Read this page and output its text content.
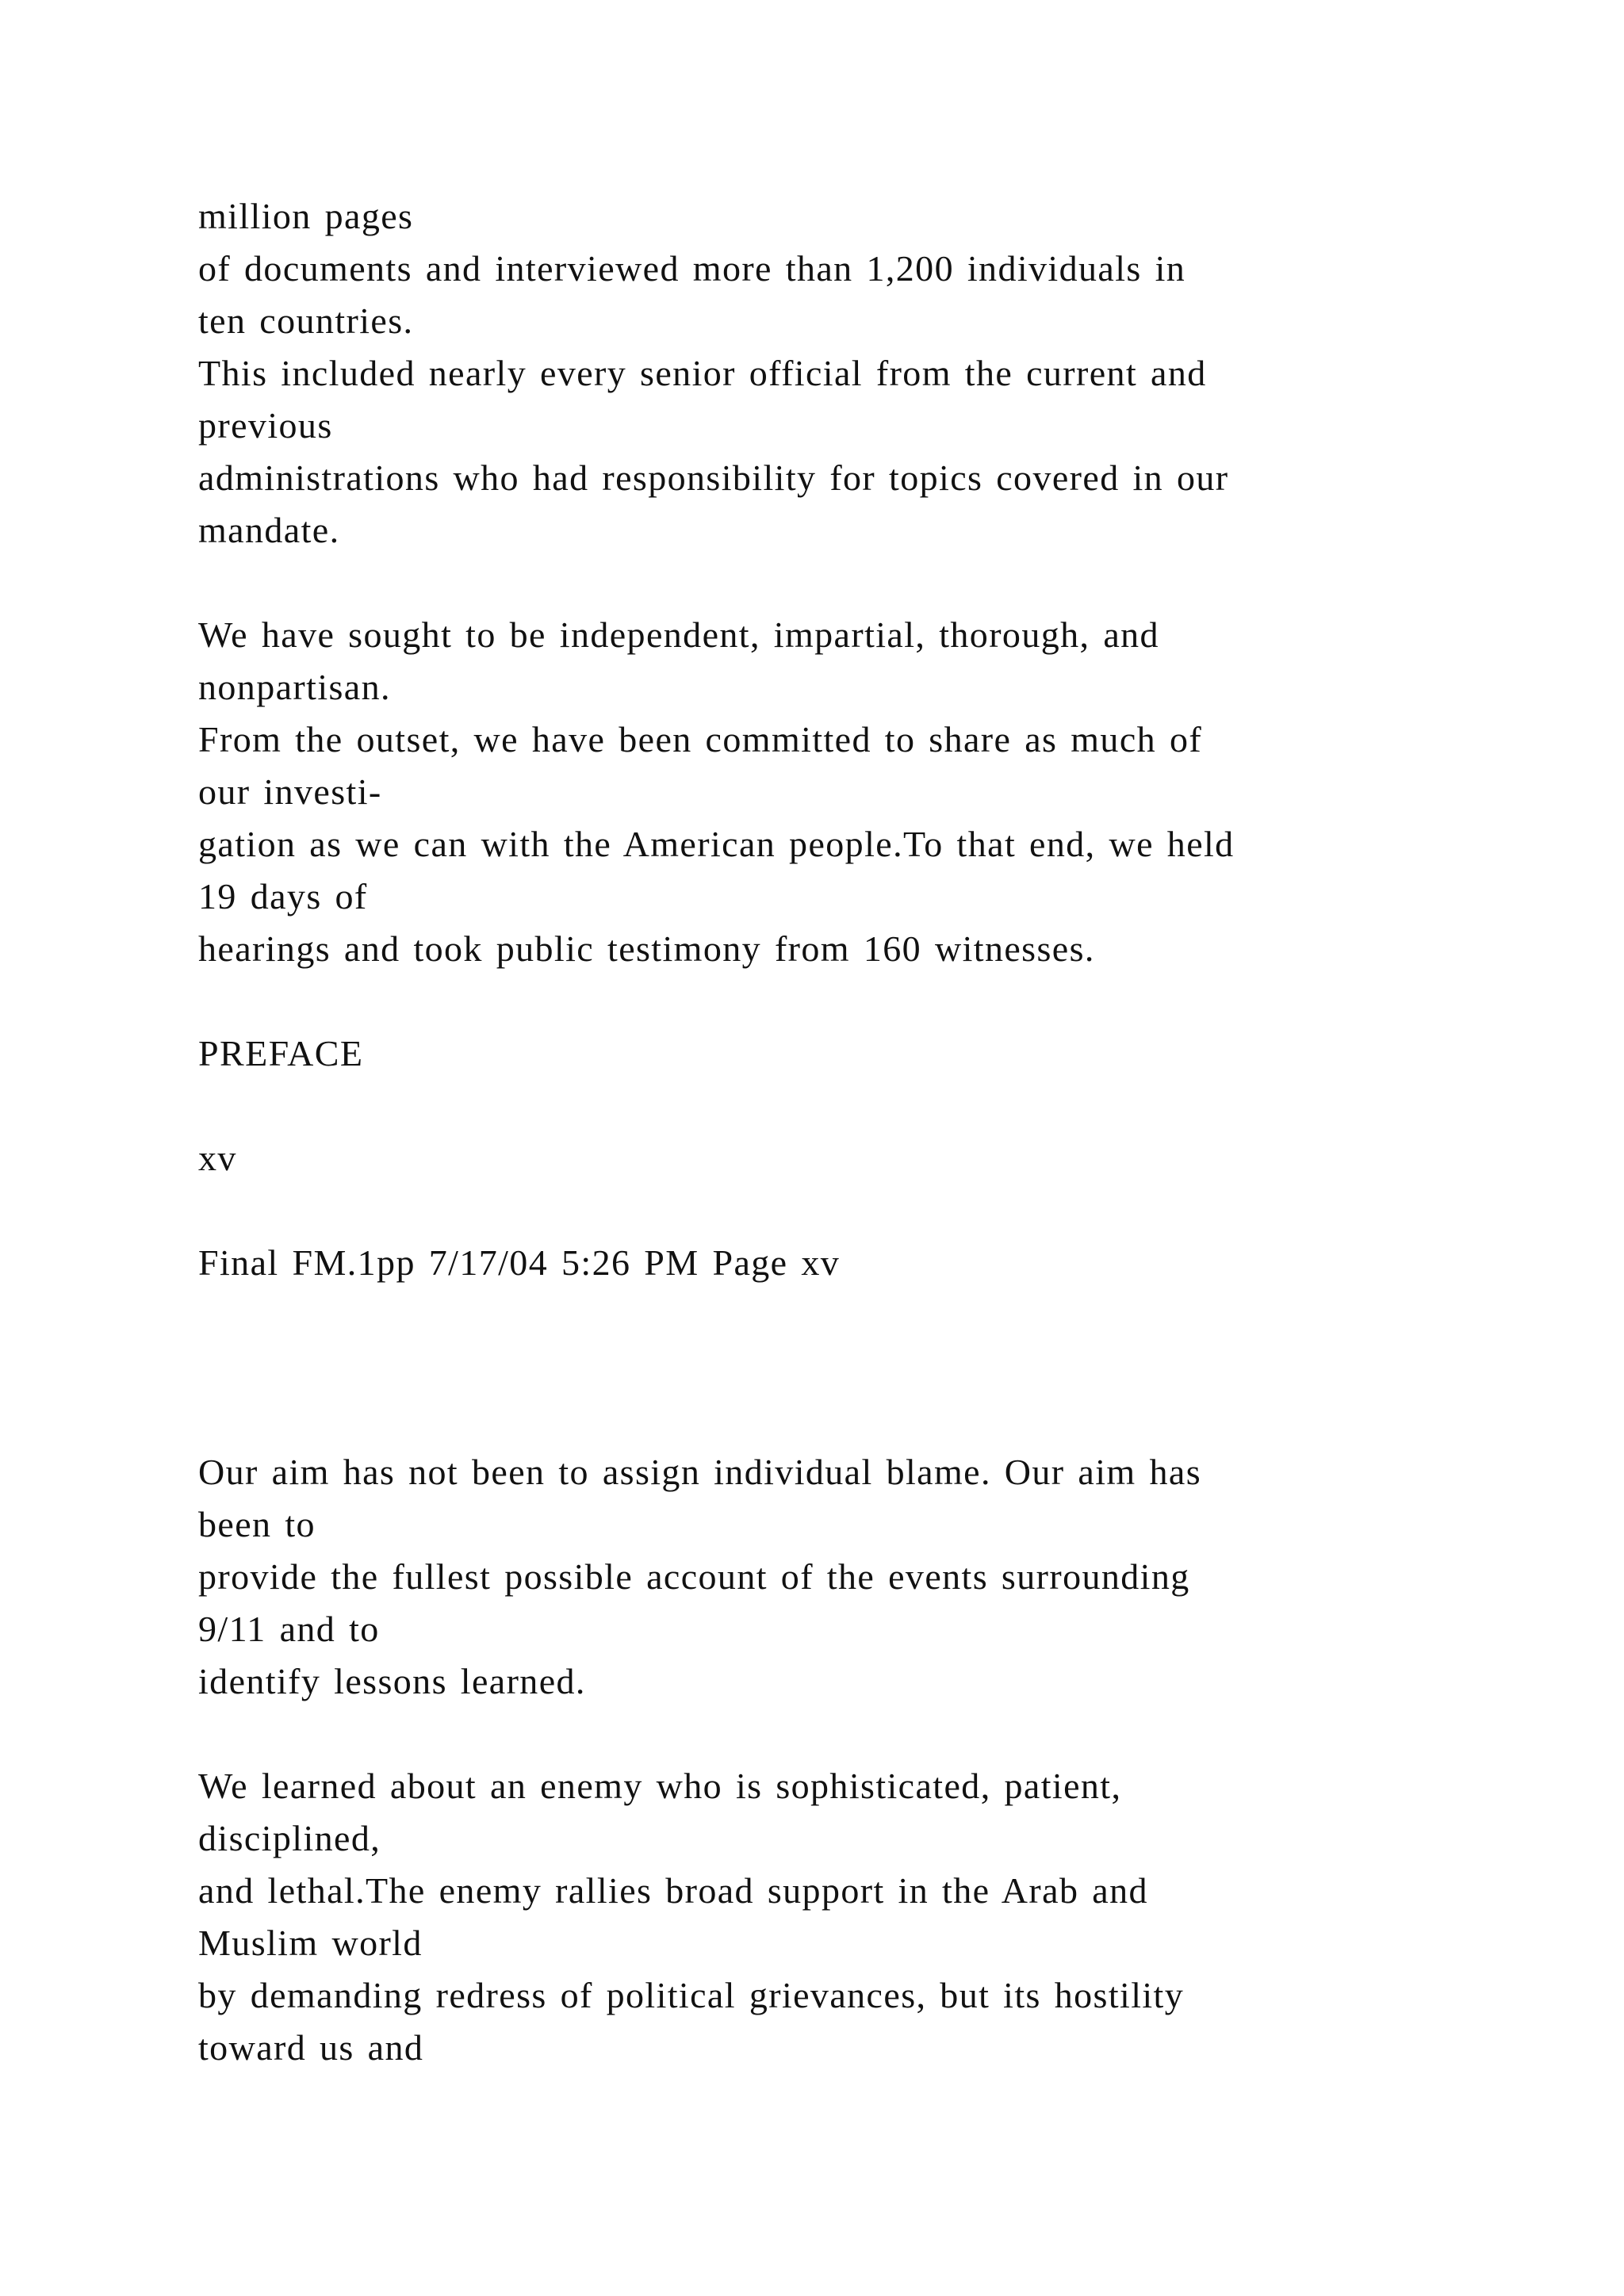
million pages
of documents and interviewed more than 1,200 individuals in
ten countries.
This included nearly every senior official from the current and
previous
administrations who had responsibility for topics covered in our
mandate.
We have sought to be independent, impartial, thorough, and
nonpartisan.
From the outset, we have been committed to share as much of
our investi-
gation as we can with the American people.To that end, we held
19 days of
hearings and took public testimony from 160 witnesses.
PREFACE
xv
Final FM.1pp 7/17/04 5:26 PM Page xv
Our aim has not been to assign individual blame. Our aim has
been to
provide the fullest possible account of the events surrounding
9/11 and to
identify lessons learned.
We learned about an enemy who is sophisticated, patient,
disciplined,
and lethal.The enemy rallies broad support in the Arab and
Muslim world
by demanding redress of political grievances, but its hostility
toward us and
